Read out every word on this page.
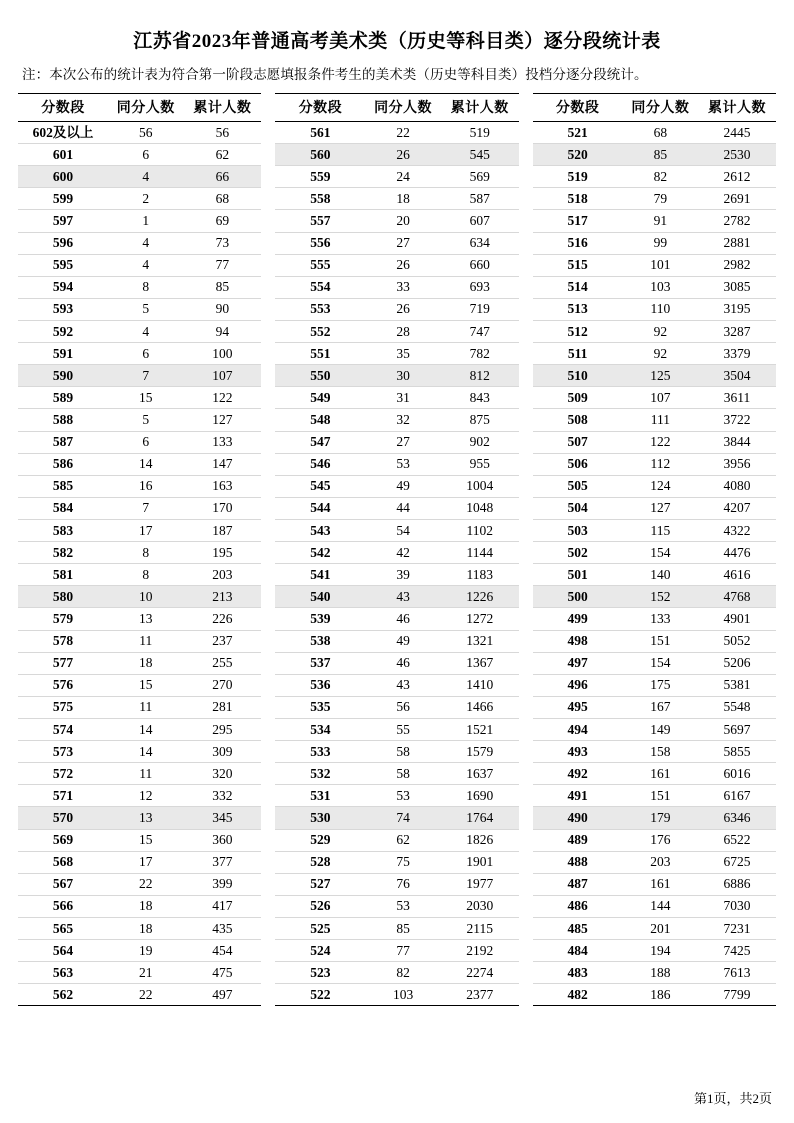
江苏省2023年普通高考美术类（历史等科目类）逐分段统计表
注：本次公布的统计表为符合第一阶段志愿填报条件考生的美术类（历史等科目类）投档分逐分段统计。
分数段	同分人数	累计人数
602及以上	56	56
601	6	62
600	4	66
599	2	68
597	1	69
596	4	73
595	4	77
594	8	85
593	5	90
592	4	94
591	6	100
590	7	107
589	15	122
588	5	127
587	6	133
586	14	147
585	16	163
584	7	170
583	17	187
582	8	195
581	8	203
580	10	213
579	13	226
578	11	237
577	18	255
576	15	270
575	11	281
574	14	295
573	14	309
572	11	320
571	12	332
570	13	345
569	15	360
568	17	377
567	22	399
566	18	417
565	18	435
564	19	454
563	21	475
562	22	497
分数段	同分人数	累计人数
561	22	519
560	26	545
559	24	569
558	18	587
557	20	607
556	27	634
555	26	660
554	33	693
553	26	719
552	28	747
551	35	782
550	30	812
549	31	843
548	32	875
547	27	902
546	53	955
545	49	1004
544	44	1048
543	54	1102
542	42	1144
541	39	1183
540	43	1226
539	46	1272
538	49	1321
537	46	1367
536	43	1410
535	56	1466
534	55	1521
533	58	1579
532	58	1637
531	53	1690
530	74	1764
529	62	1826
528	75	1901
527	76	1977
526	53	2030
525	85	2115
524	77	2192
523	82	2274
522	103	2377
分数段	同分人数	累计人数
521	68	2445
520	85	2530
519	82	2612
518	79	2691
517	91	2782
516	99	2881
515	101	2982
514	103	3085
513	110	3195
512	92	3287
511	92	3379
510	125	3504
509	107	3611
508	111	3722
507	122	3844
506	112	3956
505	124	4080
504	127	4207
503	115	4322
502	154	4476
501	140	4616
500	152	4768
499	133	4901
498	151	5052
497	154	5206
496	175	5381
495	167	5548
494	149	5697
493	158	5855
492	161	6016
491	151	6167
490	179	6346
489	176	6522
488	203	6725
487	161	6886
486	144	7030
485	201	7231
484	194	7425
483	188	7613
482	186	7799
第1页，共2页
